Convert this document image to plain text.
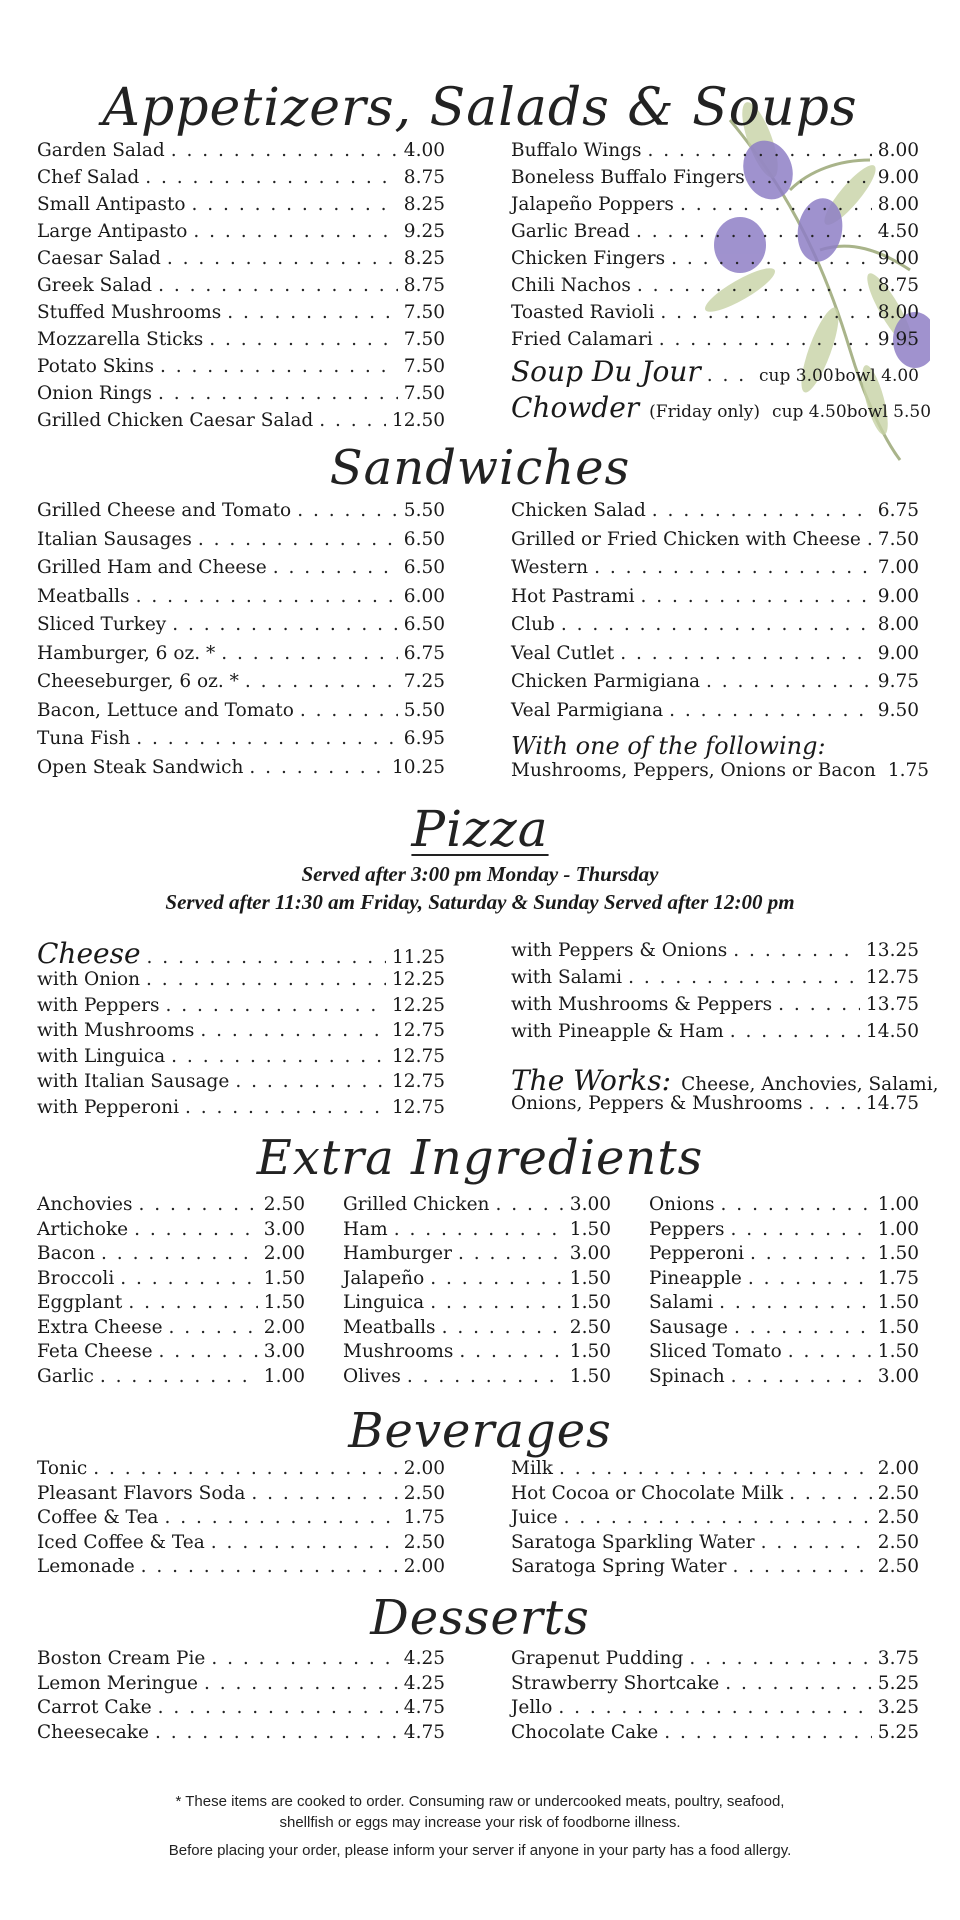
Appetizers, Salads & Soups
Garden Salad . . .	4.00
Chef Salad . . .	8.75
Small Antipasto . . .	8.25
Large Antipasto . . .	9.25
Caesar Salad . . .	8.25
Greek Salad . . .	8.75
Stuffed Mushrooms . . .	7.50
Mozzarella Sticks . . .	7.50
Potato Skins . . .	7.50
Onion Rings . . .	7.50
Grilled Chicken Caesar Salad . . .	12.50
Buffalo Wings . . .	8.00
Boneless Buffalo Fingers . . .	9.00
Jalapeño Poppers . . .	8.00
Garlic Bread . . .	4.50
Chicken Fingers . . .	9.00
Chili Nachos . . .	8.75
Toasted Ravioli . . .	8.00
Fried Calamari . . .	9.95
Soup Du Jour . . .	cup 3.00 bowl 4.00
Chowder (Friday only) cup 4.50 bowl 5.50
Sandwiches
Grilled Cheese and Tomato . . .	5.50
Italian Sausages . . .	6.50
Grilled Ham and Cheese . . .	6.50
Meatballs . . .	6.00
Sliced Turkey . . .	6.50
Hamburger, 6 oz. * . . .	6.75
Cheeseburger, 6 oz. * . . .	7.25
Bacon, Lettuce and Tomato . . .	5.50
Tuna Fish . . .	6.95
Open Steak Sandwich . . .	10.25
Chicken Salad . . .	6.75
Grilled or Fried Chicken with Cheese . . . 7.50
Western . . .	7.00
Hot Pastrami . . .	9.00
Club . . .	8.00
Veal Cutlet . . .	9.00
Chicken Parmigiana . . .	9.75
Veal Parmigiana . . .	9.50
With one of the following:
Mushrooms, Peppers, Onions or Bacon 1.75
Pizza
Served after 3:00 pm Monday - Thursday
Served after 11:30 am Friday, Saturday & Sunday Served after 12:00 pm
Cheese . . .	11.25
with Onion . . .	12.25
with Peppers . . .	12.25
with Mushrooms . . .	12.75
with Linguica . . .	12.75
with Italian Sausage . . .	12.75
with Pepperoni . . .	12.75
with Peppers & Onions . . .	13.25
with Salami . . .	12.75
with Mushrooms & Peppers . . .	13.75
with Pineapple & Ham . . .	14.50
The Works: Cheese, Anchovies, Salami,
Onions, Peppers & Mushrooms . . .	14.75
Extra Ingredients
Anchovies . . .	2.50
Artichoke . . .	3.00
Bacon . . .	2.00
Broccoli . . .	1.50
Eggplant . . .	1.50
Extra Cheese . . .	2.00
Feta Cheese . . .	3.00
Garlic . . .	1.00
Grilled Chicken . . .	3.00
Ham . . .	1.50
Hamburger . . .	3.00
Jalapeño . . .	1.50
Linguica . . .	1.50
Meatballs . . .	2.50
Mushrooms . . .	1.50
Olives . . .	1.50
Onions . . .	1.00
Peppers . . .	1.00
Pepperoni . . .	1.50
Pineapple . . .	1.75
Salami . . .	1.50
Sausage . . .	1.50
Sliced Tomato . . .	1.50
Spinach . . .	3.00
Beverages
Tonic . . .	2.00
Pleasant Flavors Soda . . .	2.50
Coffee & Tea . . .	1.75
Iced Coffee & Tea . . .	2.50
Lemonade . . .	2.00
Milk . . .	2.00
Hot Cocoa or Chocolate Milk . . .	2.50
Juice . . .	2.50
Saratoga Sparkling Water . . .	2.50
Saratoga Spring Water . . .	2.50
Desserts
Boston Cream Pie . . .	4.25
Lemon Meringue . . .	4.25
Carrot Cake . . .	4.75
Cheesecake . . .	4.75
Grapenut Pudding . . .	3.75
Strawberry Shortcake . . .	5.25
Jello . . .	3.25
Chocolate Cake . . .	5.25
* These items are cooked to order. Consuming raw or undercooked meats, poultry, seafood,
shellfish or eggs may increase your risk of foodborne illness.
Before placing your order, please inform your server if anyone in your party has a food allergy.
